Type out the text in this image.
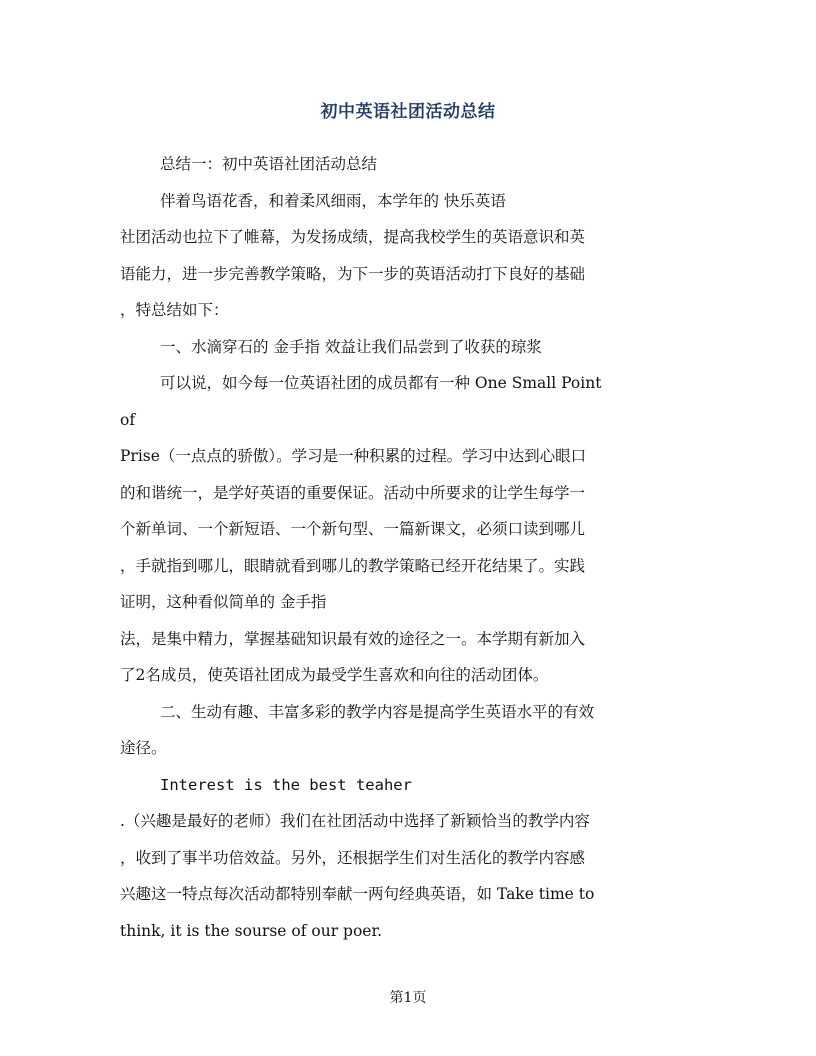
初中英语社团活动总结
总结一：初中英语社团活动总结
伴着鸟语花香，和着柔风细雨，本学年的 快乐英语
社团活动也拉下了帷幕，为发扬成绩，提高我校学生的英语意识和英
语能力，进一步完善教学策略，为下一步的英语活动打下良好的基础
，特总结如下：
一、水滴穿石的 金手指 效益让我们品尝到了收获的琼浆
可以说，如今每一位英语社团的成员都有一种 One Small Point
of
Prise（一点点的骄傲）。学习是一种积累的过程。学习中达到心眼口
的和谐统一，是学好英语的重要保证。活动中所要求的让学生每学一
个新单词、一个新短语、一个新句型、一篇新课文，必须口读到哪儿
，手就指到哪儿，眼睛就看到哪儿的教学策略已经开花结果了。实践
证明，这种看似简单的 金手指
法，是集中精力，掌握基础知识最有效的途径之一。本学期有新加入
了2名成员，使英语社团成为最受学生喜欢和向往的活动团体。
二、生动有趣、丰富多彩的教学内容是提高学生英语水平的有效
途径。
Interest is the best teaher
.（兴趣是最好的老师）我们在社团活动中选择了新颖恰当的教学内容
，收到了事半功倍效益。另外，还根据学生们对生活化的教学内容感
兴趣这一特点每次活动都特别奉献一两句经典英语，如 Take time to
think, it is the sourse of our poer.
第1页
